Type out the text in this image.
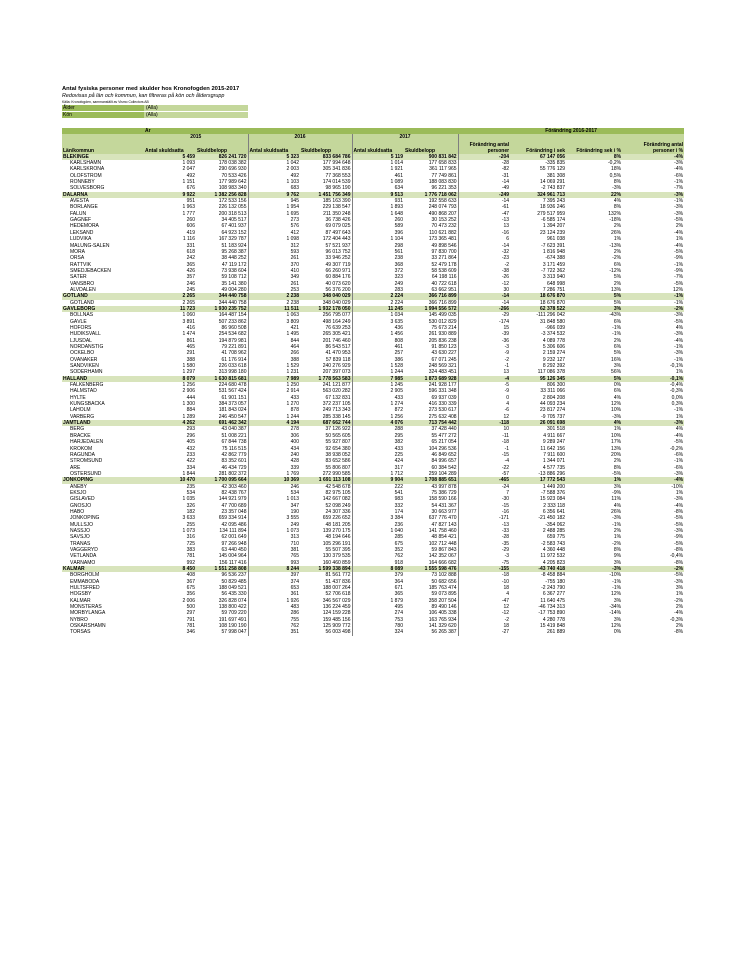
Antal fysiska personer med skulder hos Kronofogden 2015-2017
Redovisas på län och kommun, kan filtreras på kön och åldersgrupp
Källa: Kronofogden, sammanställt av Vismo Collectors AB
Ålder	(Alla)
Kön	(Alla)
	År						Förändring 2016-2017			
	2015		2016		2017					
Län/kommun	Antal skuldsatta	Skuldbelopp	Antal skuldsatta	Skuldbelopp	Antal skuldsatta	Skuldbelopp	Förändring antal personer	Förändring i sek	Förändring sek i %	Förändring antal personer i %
BLEKINGE	5 459	826 241 720	5 323	833 684 786	5 119	900 831 842	-204	67 147 056	8%	-4%
KARLSHAMN	1 093	178 038 382	1 042	177 994 648	1 014	177 658 833	-28	-335 835	-0,2%	-3%
KARLSKRONA	2 047	290 696 930	2 003	305 341 836	1 921	361 117 965	-82	55 776 129	18%	-4%
OLOFSTRÖM	492	70 533 426	492	77 368 553	461	77 749 861	-31	381 308	0,5%	-6%
RONNEBY	1 151	177 989 642	1 103	174 014 539	1 089	188 083 830	-14	14 069 291	8%	-1%
SÖLVESBORG	676	108 983 340	683	98 965 190	634	96 221 353	-49	-2 743 837	-3%	-7%
DALARNA	9 922	1 382 256 828	9 762	1 451 756 349	9 513	1 776 718 062	-249	324 961 713	22%	-3%
AVESTA	951	172 533 156	945	185 163 390	931	192 558 633	-14	7 395 243	4%	-1%
BORLÄNGE	1 963	226 132 055	1 954	229 138 547	1 893	248 074 793	-61	18 936 246	8%	-3%
FALUN	1 777	200 318 513	1 695	211 350 248	1 648	490 868 207	-47	279 517 959	132%	-3%
GAGNEF	260	34 405 517	273	36 738 426	260	30 153 252	-13	-6 585 174	-18%	-5%
HEDEMORA	606	67 401 937	576	69 079 025	589	70 473 232	13	1 394 207	2%	2%
LEKSAND	419	64 923 152	412	87 497 643	396	110 621 882	-16	23 124 239	26%	-4%
LUDVIKA	1 116	167 329 787	1 098	172 404 443	1 104	173 365 481	6	961 038	1%	1%
MALUNG-SÄLEN	331	51 183 924	312	57 521 937	298	49 898 546	-14	-7 623 391	-13%	-4%
MORA	618	95 268 387	593	96 013 752	561	97 830 700	-32	1 816 948	2%	-5%
ORSA	242	38 448 252	261	33 946 252	238	33 271 864	-23	-674 388	-2%	-9%
RÄTTVIK	365	47 119 172	370	49 307 719	368	52 479 178	-2	3 171 459	6%	-1%
SMEDJEBACKEN	426	73 938 604	410	66 260 971	372	58 538 609	-38	-7 722 362	-12%	-9%
SÄTER	357	59 108 712	349	60 884 176	323	64 198 116	-26	3 313 940	5%	-7%
VANSBRO	246	35 141 380	261	40 073 620	249	40 722 618	-12	648 998	2%	-5%
ÄLVDALEN	245	49 004 280	253	56 376 200	283	63 662 951	30	7 286 751	13%	12%
GOTLAND	2 265	344 440 758	2 238	348 040 029	2 224	366 716 899	-14	18 676 870	5%	-1%
GOTLAND	2 265	344 440 758	2 238	348 040 029	2 224	366 716 899	-14	18 676 870	5%	-1%
GÄVLEBORG	11 723	1 930 235 752	11 511	1 932 178 050	11 245	1 994 556 572	-266	62 378 522	3%	-2%
BOLLNÄS	1 060	164 487 154	1 063	256 795 077	1 034	145 499 035	-29	-111 296 042	-43%	-3%
GÄVLE	3 891	507 233 862	3 809	498 164 249	3 635	530 012 829	-174	31 848 580	6%	-5%
HOFORS	416	86 960 508	421	76 639 253	436	75 673 214	15	-966 039	-1%	4%
HUDIKSVALL	1 474	254 534 682	1 495	265 305 421	1 456	261 930 889	-39	-3 374 532	-1%	-3%
LJUSDAL	861	194 879 981	844	201 746 460	808	205 836 238	-36	4 089 778	2%	-4%
NORDANSTIG	465	79 221 891	464	86 543 517	461	91 850 123	-3	5 306 606	6%	-1%
OCKELBO	291	41 708 962	266	41 470 953	257	43 630 227	-9	2 159 274	5%	-3%
OVANÅKER	388	61 176 914	388	57 839 118	386	67 071 245	-2	9 232 127	16%	-1%
SANDVIKEN	1 580	226 033 618	1 529	240 276 929	1 528	248 569 321	-1	8 292 392	3%	-0,1%
SÖDERHAMN	1 297	313 998 180	1 231	207 397 073	1 244	324 483 451	13	117 086 378	56%	1%
HALLAND	8 079	1 630 815 681	7 989	1 778 563 583	7 985	1 873 689 928	-4	95 126 345	5%	-0,1%
FALKENBERG	1 256	224 680 478	1 250	241 121 877	1 245	241 928 177	-5	806 300	0%	-0,4%
HALMSTAD	2 906	531 567 424	2 914	563 020 282	2 905	596 331 348	-9	33 311 066	6%	-0,3%
HYLTE	444	61 901 151	433	67 132 831	433	69 937 039	0	2 804 208	4%	0,0%
KUNGSBACKA	1 300	384 373 057	1 270	372 237 105	1 274	416 330 339	4	44 093 234	12%	0,3%
LAHOLM	884	181 843 024	878	249 713 343	872	273 530 617	-6	23 817 274	10%	-1%
VARBERG	1 289	246 450 547	1 244	285 338 145	1 256	275 632 408	12	-9 705 737	-3%	1%
JÄMTLAND	4 262	691 462 342	4 194	687 662 744	4 076	713 754 442	-118	26 091 698	4%	-3%
BERG	293	43 040 387	278	37 126 922	288	37 428 440	10	301 518	1%	4%
BRÄCKE	296	51 008 221	306	50 565 605	295	55 477 272	-11	4 911 667	10%	-4%
HÄRJEDALEN	405	67 844 738	400	55 927 807	382	65 217 054	-18	9 289 247	17%	-5%
KROKOM	432	75 116 515	434	92 654 380	433	104 296 536	-1	11 642 156	13%	-0,2%
RAGUNDA	233	42 862 779	240	38 938 052	225	46 849 652	-15	7 911 600	20%	-6%
STRÖMSUND	422	83 352 601	428	83 652 586	424	84 996 657	-4	1 344 071	2%	-1%
ÅRE	334	46 434 729	339	55 806 807	317	60 384 542	-22	4 577 735	8%	-6%
ÖSTERSUND	1 844	281 802 372	1 769	272 990 585	1 712	259 104 289	-57	-13 886 296	-5%	-3%
JÖNKÖPING	10 470	1 700 095 664	10 369	1 691 113 108	9 904	1 708 885 651	-465	17 772 543	1%	-4%
ANEBY	235	42 303 460	246	42 548 678	222	43 997 878	-24	1 449 200	3%	-10%
EKSJÖ	534	82 438 767	534	82 975 105	541	75 386 729	7	-7 588 376	-9%	1%
GISLAVED	1 035	144 921 979	1 013	142 667 082	983	158 590 166	-30	15 923 084	11%	-3%
GNOSJÖ	326	47 700 689	347	52 098 249	332	54 431 367	-15	2 333 118	4%	-4%
HABO	182	23 357 048	190	24 307 336	174	30 663 977	-16	6 356 641	26%	-8%
JÖNKÖPING	3 633	659 334 914	3 555	659 226 652	3 384	637 776 470	-171	-21 450 182	-3%	-5%
MULLSJÖ	255	42 095 486	249	48 181 205	236	47 827 143	-13	-354 062	-1%	-5%
NÄSSJÖ	1 073	134 111 894	1 073	139 270 175	1 040	141 758 460	-33	2 488 285	2%	-3%
SÄVSJÖ	316	62 001 649	313	48 194 646	285	48 854 421	-28	659 775	1%	-9%
TRANÅS	725	97 266 948	710	105 296 191	675	102 712 448	-35	-2 583 743	-2%	-5%
VAGGERYD	383	63 440 450	381	55 507 395	352	59 867 843	-29	4 360 448	8%	-8%
VETLANDA	781	145 004 964	765	130 379 535	762	142 352 067	-3	11 972 532	9%	-0,4%
VÄRNAMO	992	156 117 416	993	160 460 859	918	164 666 682	-75	4 205 823	3%	-8%
KALMAR	8 450	1 551 258 808	8 244	1 599 338 894	8 089	1 555 598 476	-155	-43 740 418	-3%	-2%
BORGHOLM	408	96 536 237	397	81 561 772	379	73 102 888	-18	-8 458 884	-10%	-5%
EMMABODA	367	50 829 485	374	51 437 836	364	50 682 656	-10	-755 180	-1%	-3%
HULTSFRED	675	188 049 521	653	188 007 264	671	185 763 474	18	-2 243 790	-1%	3%
HÖGSBY	356	56 435 330	361	52 706 618	365	59 073 895	4	6 367 277	12%	1%
KALMAR	2 006	326 828 074	1 926	346 567 029	1 879	358 207 504	-47	11 640 475	3%	-2%
MÖNSTERÅS	500	138 800 422	483	136 224 459	495	89 490 146	12	-46 734 313	-34%	2%
MÖRBYLÅNGA	297	59 709 220	286	124 159 228	274	106 405 338	-12	-17 753 890	-14%	-4%
NYBRO	791	191 697 491	755	159 485 156	753	163 765 934	-2	4 280 778	3%	-0,3%
OSKARSHAMN	781	108 190 190	762	125 909 772	780	141 329 620	18	15 419 848	12%	2%
TORSÅS	346	57 998 047	351	56 003 498	324	56 265 387	-27	261 889	0%	-8%
